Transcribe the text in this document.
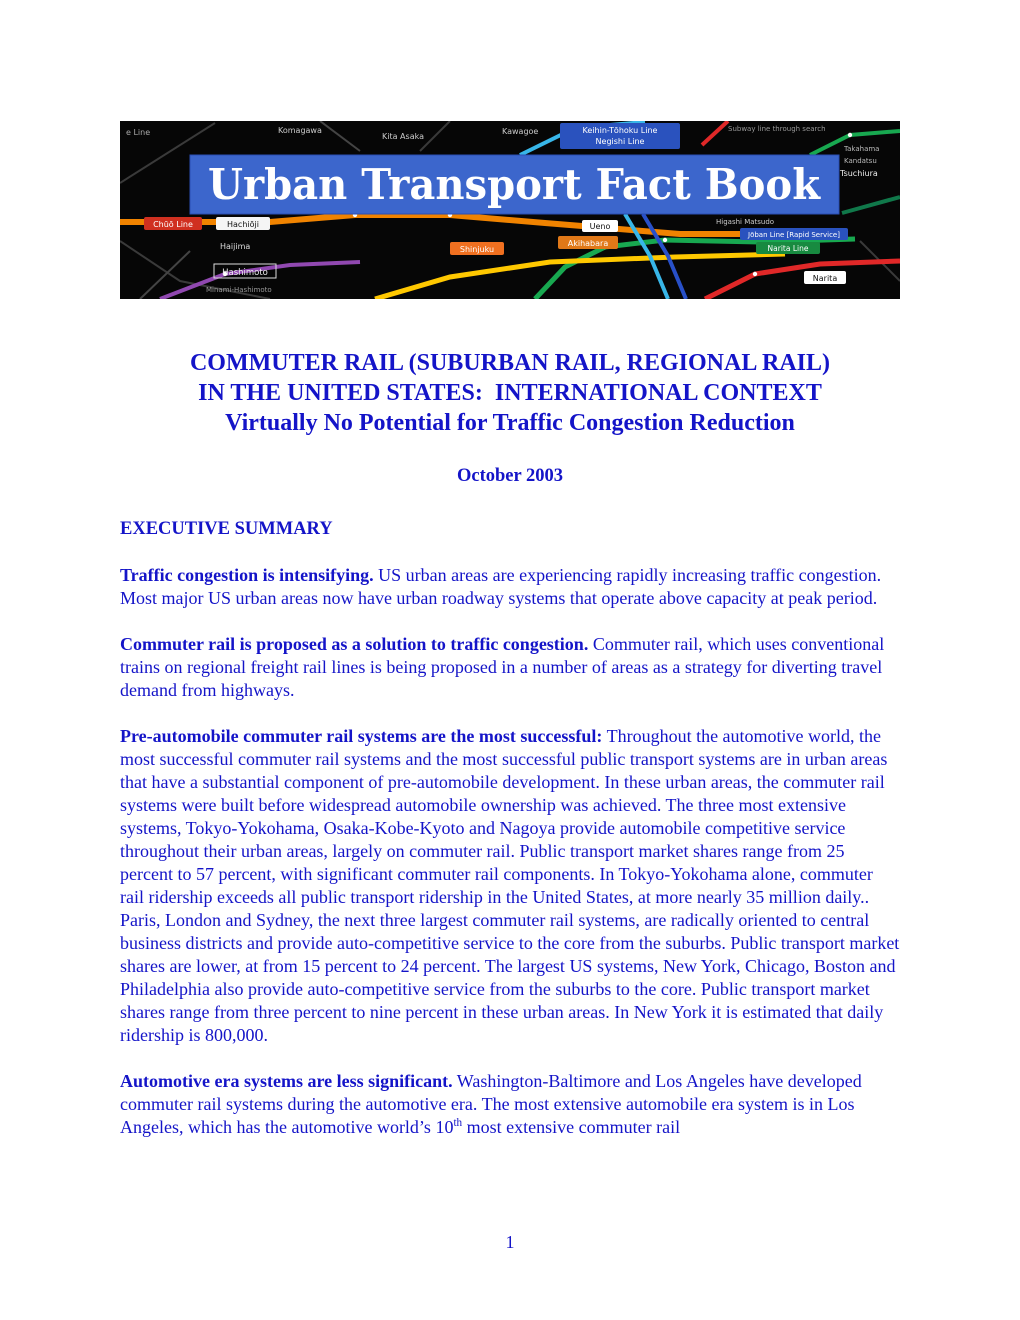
e Line	Komagawa
Kita Asaka
Kawagoe	Keihin-Tōhoku Line
Negishi Line
Subway line through search
Takahama
Kandatsu
Tsuchiura
Chūō Line	Hachiōji
Haijima	Shinjuku
Ueno
Akihabara
Higashi Matsudo
Jōban Line [Rapid Service]
Narita Line
Hashimoto
Minami-Hashimoto
Narita
Urban Transport Fact Book
COMMUTER RAIL (SUBURBAN RAIL, REGIONAL RAIL)
IN THE UNITED STATES:  INTERNATIONAL CONTEXT
Virtually No Potential for Traffic Congestion Reduction
October 2003
EXECUTIVE SUMMARY

Traffic congestion is intensifying. US urban areas are experiencing rapidly increasing traffic congestion. Most major US urban areas now have urban roadway systems that operate above capacity at peak period.

Commuter rail is proposed as a solution to traffic congestion. Commuter rail, which uses conventional trains on regional freight rail lines is being proposed in a number of areas as a strategy for diverting travel demand from highways.

Pre-automobile commuter rail systems are the most successful: Throughout the automotive world, the most successful commuter rail systems and the most successful public transport systems are in urban areas that have a substantial component of pre-automobile development. In these urban areas, the commuter rail systems were built before widespread automobile ownership was achieved. The three most extensive systems, Tokyo-Yokohama, Osaka-Kobe-Kyoto and Nagoya provide automobile competitive service throughout their urban areas, largely on commuter rail. Public transport market shares range from 25 percent to 57 percent, with significant commuter rail components. In Tokyo-Yokohama alone, commuter rail ridership exceeds all public transport ridership in the United States, at more nearly 35 million daily.. Paris, London and Sydney, the next three largest commuter rail systems, are radically oriented to central business districts and provide auto-competitive service to the core from the suburbs. Public transport market shares are lower, at from 15 percent to 24 percent. The largest US systems, New York, Chicago, Boston and Philadelphia also provide auto-competitive service from the suburbs to the core. Public transport market shares range from three percent to nine percent in these urban areas. In New York it is estimated that daily ridership is 800,000.

Automotive era systems are less significant. Washington-Baltimore and Los Angeles have developed commuter rail systems during the automotive era. The most extensive automobile era system is in Los Angeles, which has the automotive world’s 10th most extensive commuter rail

1
